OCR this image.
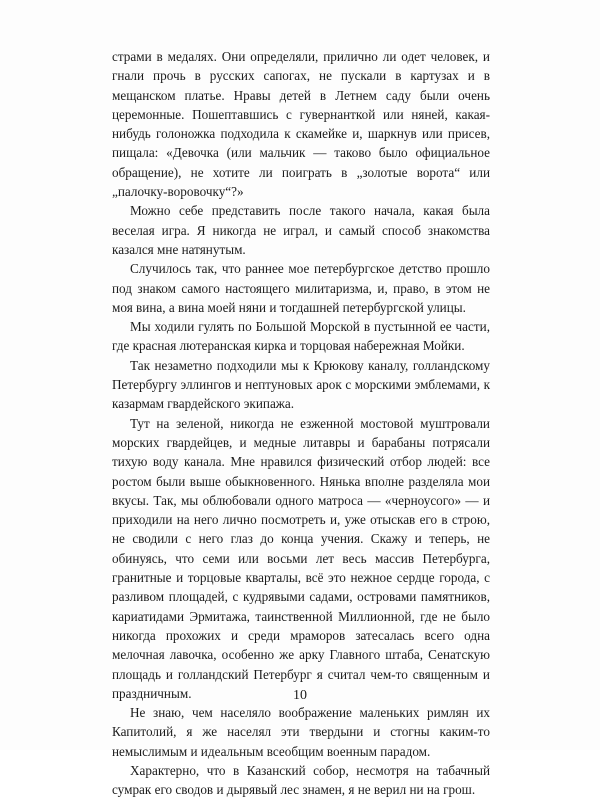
страми в медалях. Они определяли, прилично ли одет человек, и гнали прочь в русских сапогах, не пускали в картузах и в мещанском платье. Нравы детей в Летнем саду были очень церемонные. Пошептавшись с гувернанткой или няней, какая-нибудь голоножка подходила к скамейке и, шаркнув или присев, пищала: «Девочка (или мальчик — таково было официальное обращение), не хотите ли поиграть в „золотые ворота“ или „палочку-воровочку“?»

Можно себе представить после такого начала, какая была веселая игра. Я никогда не играл, и самый способ знакомства казался мне натянутым.

Случилось так, что раннее мое петербургское детство прошло под знаком самого настоящего милитаризма, и, право, в этом не моя вина, а вина моей няни и тогдашней петербургской улицы.

Мы ходили гулять по Большой Морской в пустынной ее части, где красная лютеранская кирка и торцовая набережная Мойки.

Так незаметно подходили мы к Крюкову каналу, голландскому Петербургу эллингов и нептуновых арок с морскими эмблемами, к казармам гвардейского экипажа.

Тут на зеленой, никогда не езженной мостовой муштровали морских гвардейцев, и медные литавры и барабаны потрясали тихую воду канала. Мне нравился физический отбор людей: все ростом были выше обыкновенного. Нянька вполне разделяла мои вкусы. Так, мы облюбовали одного матроса — «черноусого» — и приходили на него лично посмотреть и, уже отыскав его в строю, не сводили с него глаз до конца учения. Скажу и теперь, не обинуясь, что семи или восьми лет весь массив Петербурга, гранитные и торцовые кварталы, всё это нежное сердце города, с разливом площадей, с кудрявыми садами, островами памятников, кариатидами Эрмитажа, таинственной Миллионной, где не было никогда прохожих и среди мраморов затесалась всего одна мелочная лавочка, особенно же арку Главного штаба, Сенатскую площадь и голландский Петербург я считал чем-то священным и праздничным.

Не знаю, чем населяло воображение маленьких римлян их Капитолий, я же населял эти твердыни и стогны каким-то немыслимым и идеальным всеобщим военным парадом.

Характерно, что в Казанский собор, несмотря на табачный сумрак его сводов и дырявый лес знамен, я не верил ни на грош.

10
